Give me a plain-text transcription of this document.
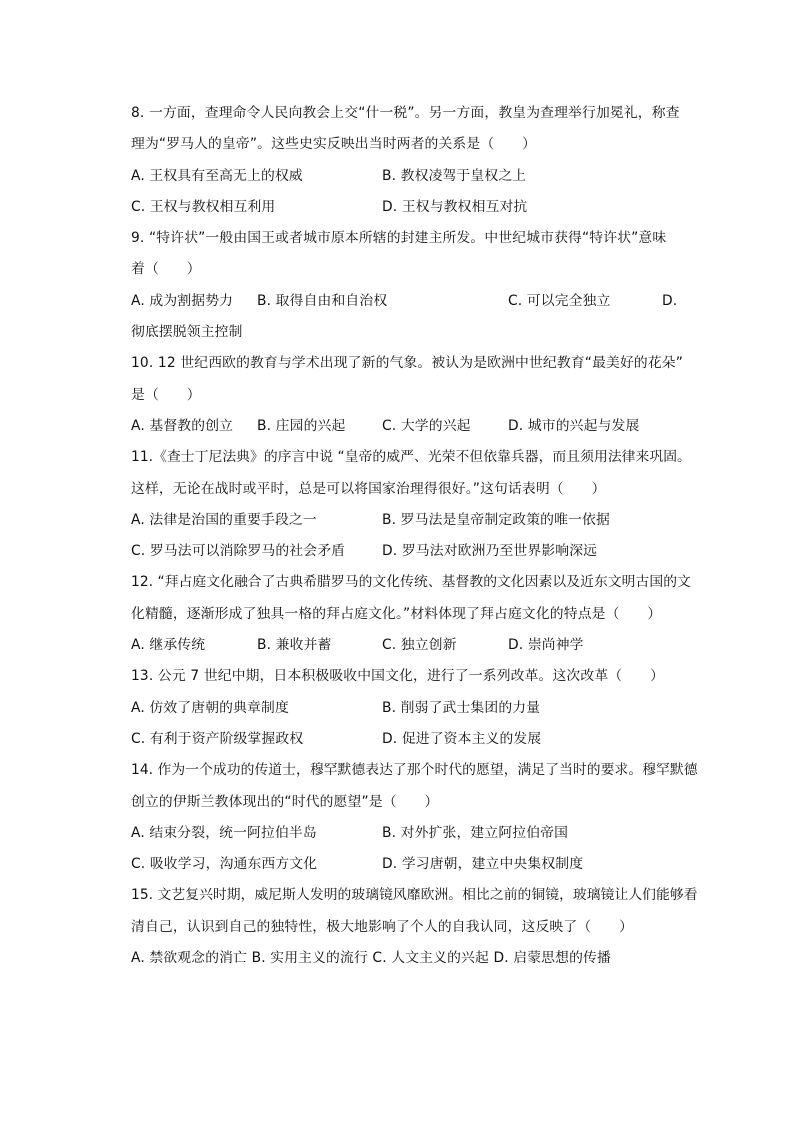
8. 一方面，查理命令人民向教会上交“什一税”。另一方面，教皇为查理举行加冕礼，称查
理为“罗马人的皇帝”。这些史实反映出当时两者的关系是（　　）
A. 王权具有至高无上的权威	B. 教权凌驾于皇权之上
C. 王权与教权相互利用	D. 王权与教权相互对抗
9. “特许状”一般由国王或者城市原本所辖的封建主所发。中世纪城市获得“特许状”意味
着（　　）
A. 成为割据势力 B. 取得自由和自治权	C. 可以完全独立	D.
彻底摆脱领主控制
10. 12 世纪西欧的教育与学术出现了新的气象。被认为是欧洲中世纪教育“最美好的花朵”
是（　　）
A. 基督教的创立 B. 庄园的兴起	C. 大学的兴起	D. 城市的兴起与发展
11.《查士丁尼法典》的序言中说 “皇帝的威严、光荣不但依靠兵器，而且须用法律来巩固。
这样，无论在战时或平时，总是可以将国家治理得很好。”这句话表明（　　）
A. 法律是治国的重要手段之一	B. 罗马法是皇帝制定政策的唯一依据
C. 罗马法可以消除罗马的社会矛盾	D. 罗马法对欧洲乃至世界影响深远
12. “拜占庭文化融合了古典希腊罗马的文化传统、基督教的文化因素以及近东文明古国的文
化精髓，逐渐形成了独具一格的拜占庭文化。”材料体现了拜占庭文化的特点是（　　）
A. 继承传统	B. 兼收并蓄	C. 独立创新	D. 崇尚神学
13. 公元 7 世纪中期，日本积极吸收中国文化，进行了一系列改革。这次改革（　　）
A. 仿效了唐朝的典章制度	B. 削弱了武士集团的力量
C. 有利于资产阶级掌握政权	D. 促进了资本主义的发展
14. 作为一个成功的传道士，穆罕默德表达了那个时代的愿望，满足了当时的要求。穆罕默德
创立的伊斯兰教体现出的“时代的愿望”是（　　）
A. 结束分裂，统一阿拉伯半岛	B. 对外扩张，建立阿拉伯帝国
C. 吸收学习，沟通东西方文化	D. 学习唐朝，建立中央集权制度
15. 文艺复兴时期，威尼斯人发明的玻璃镜风靡欧洲。相比之前的铜镜，玻璃镜让人们能够看
清自己，认识到自己的独特性，极大地影响了个人的自我认同，这反映了（　　）
A. 禁欲观念的消亡 B. 实用主义的流行 C. 人文主义的兴起 D. 启蒙思想的传播
